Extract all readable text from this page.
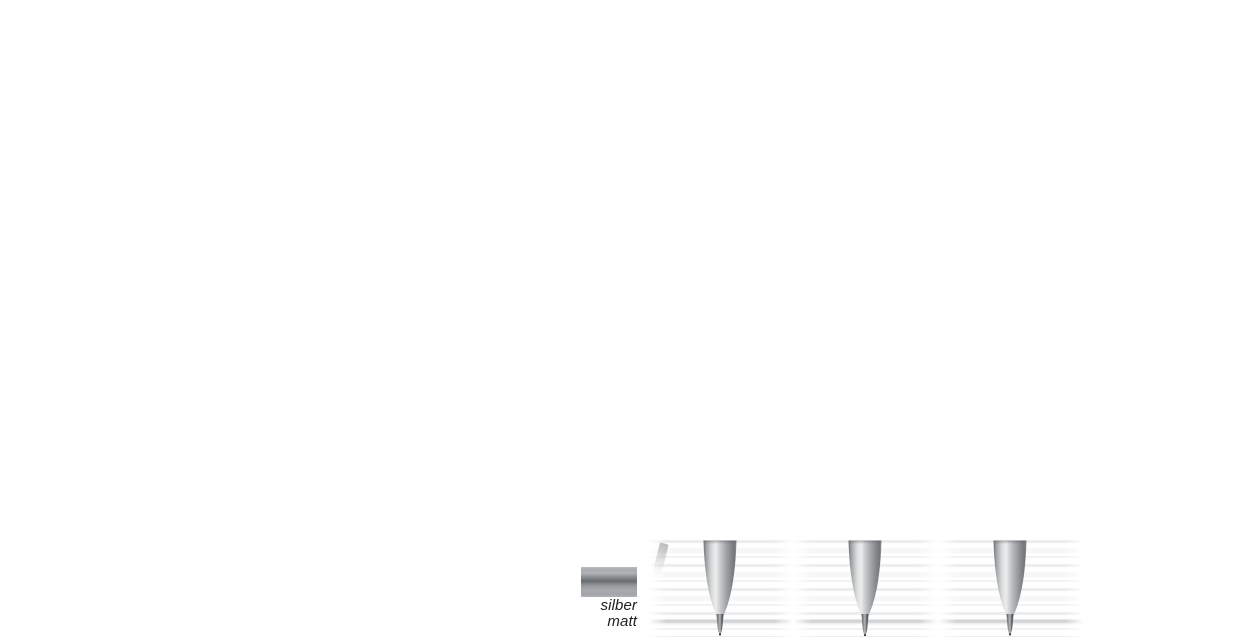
silber
matt
